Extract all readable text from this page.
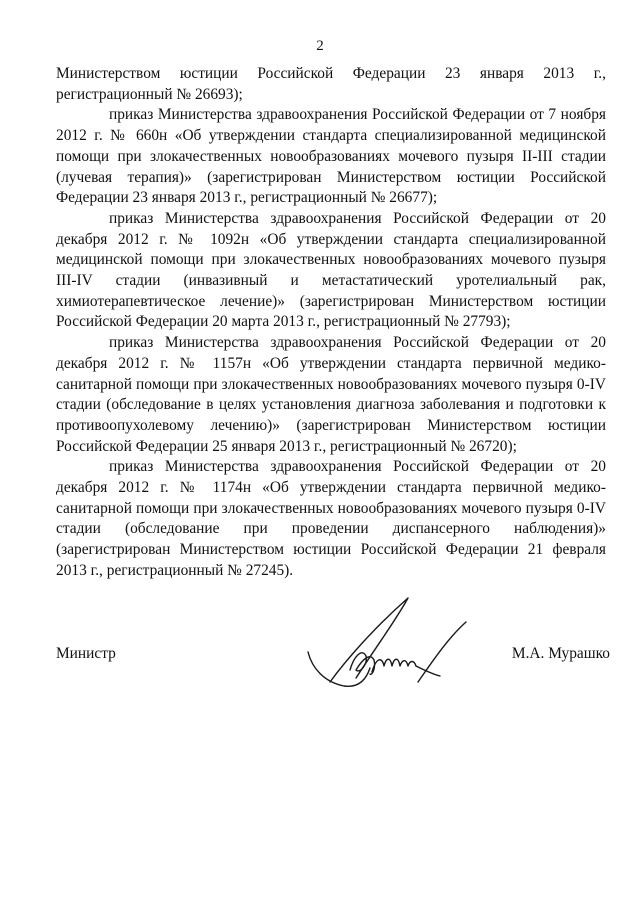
2

Министерством юстиции Российской Федерации 23 января 2013 г., регистрационный № 26693);

приказ Министерства здравоохранения Российской Федерации от 7 ноября 2012 г. № 660н «Об утверждении стандарта специализированной медицинской помощи при злокачественных новообразованиях мочевого пузыря II-III стадии (лучевая терапия)» (зарегистрирован Министерством юстиции Российской Федерации 23 января 2013 г., регистрационный № 26677);

приказ Министерства здравоохранения Российской Федерации от 20 декабря 2012 г. № 1092н «Об утверждении стандарта специализированной медицинской помощи при злокачественных новообразованиях мочевого пузыря III-IV стадии (инвазивный и метастатический уротелиальный рак, химиотерапевтическое лечение)» (зарегистрирован Министерством юстиции Российской Федерации 20 марта 2013 г., регистрационный № 27793);

приказ Министерства здравоохранения Российской Федерации от 20 декабря 2012 г. № 1157н «Об утверждении стандарта первичной медико-санитарной помощи при злокачественных новообразованиях мочевого пузыря 0-IV стадии (обследование в целях установления диагноза заболевания и подготовки к противоопухолевому лечению)» (зарегистрирован Министерством юстиции Российской Федерации 25 января 2013 г., регистрационный № 26720);

приказ Министерства здравоохранения Российской Федерации от 20 декабря 2012 г. № 1174н «Об утверждении стандарта первичной медико-санитарной помощи при злокачественных новообразованиях мочевого пузыря 0-IV стадии (обследование при проведении диспансерного наблюдения)» (зарегистрирован Министерством юстиции Российской Федерации 21 февраля 2013 г., регистрационный № 27245).

Министр	М.А. Мурашко
